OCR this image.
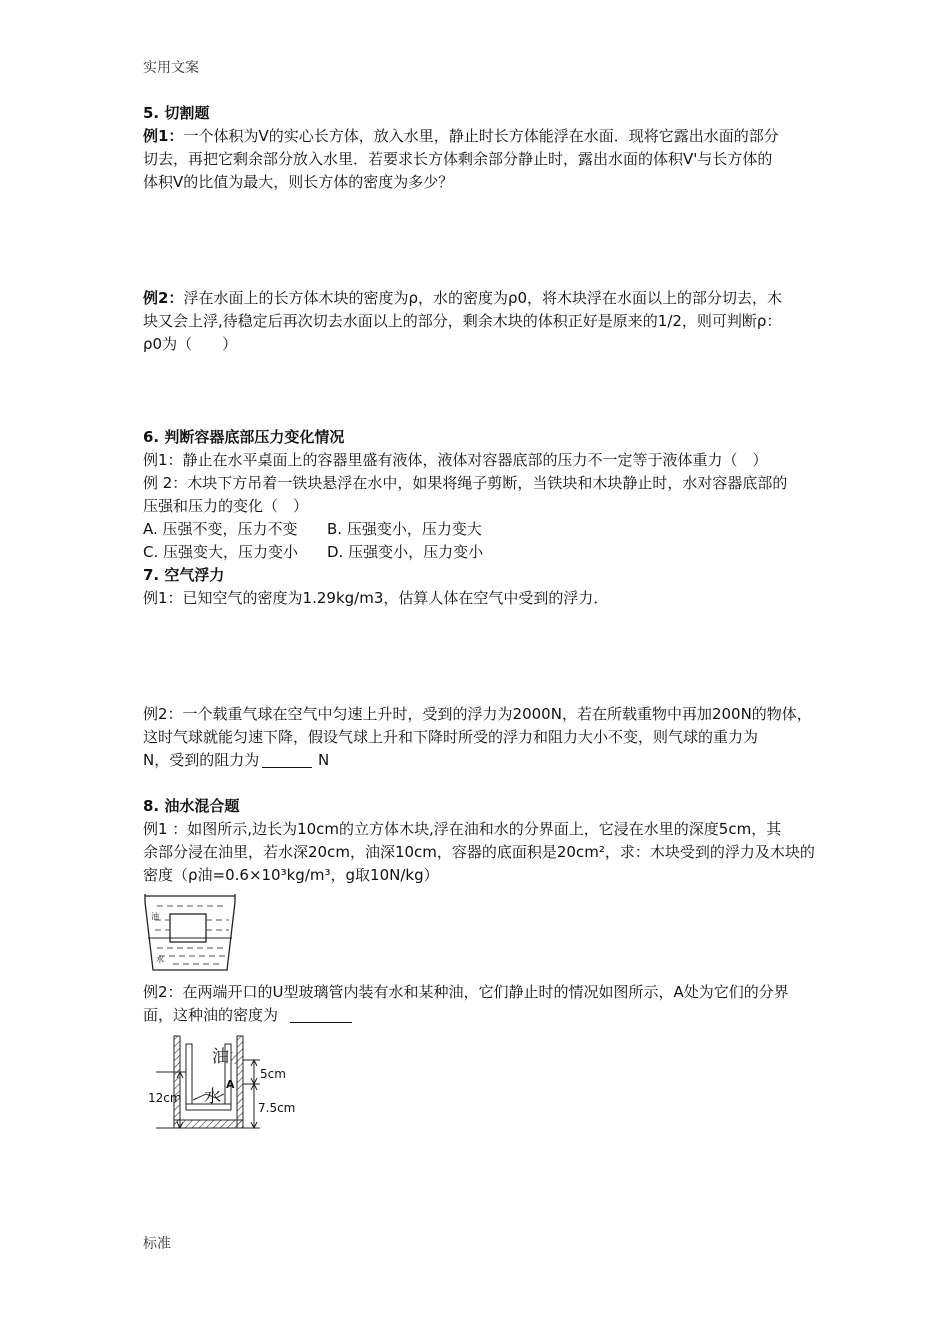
实用文案
5. 切割题
例1：一个体积为V的实心长方体，放入水里，静止时长方体能浮在水面．现将它露出水面的部分
切去，再把它剩余部分放入水里．若要求长方体剩余部分静止时，露出水面的体积V'与长方体的
体积V的比值为最大，则长方体的密度为多少？
例2：浮在水面上的长方体木块的密度为ρ，水的密度为ρ0，将木块浮在水面以上的部分切去，木
块又会上浮,待稳定后再次切去水面以上的部分，剩余木块的体积正好是原来的1/2，则可判断ρ：
ρ0为（　　）
6. 判断容器底部压力变化情况
例1：静止在水平桌面上的容器里盛有液体，液体对容器底部的压力不一定等于液体重力（　）
例 2：木块下方吊着一铁块悬浮在水中，如果将绳子剪断，当铁块和木块静止时，水对容器底部的
压强和压力的变化（　）
A. 压强不变，压力不变 B. 压强变小，压力变大
C. 压强变大，压力变小 D. 压强变小，压力变小
7. 空气浮力
例1：已知空气的密度为1.29kg/m3，估算人体在空气中受到的浮力．
例2：一个载重气球在空气中匀速上升时，受到的浮力为2000N，若在所载重物中再加200N的物体，
这时气球就能匀速下降，假设气球上升和下降时所受的浮力和阻力大小不变，则气球的重力为
N，受到的阻力为	N
8. 油水混合题
例1 ：如图所示,边长为10cm的立方体木块,浮在油和水的分界面上，它浸在水里的深度5cm，其
余部分浸在油里，若水深20cm，油深10cm，容器的底面积是20cm²，求：木块受到的浮力及木块的
密度（ρ油=0.6×10³kg/m³，g取10N/kg）
油
水
例2：在两端开口的U型玻璃管内装有水和某种油，它们静止时的情况如图所示，A处为它们的分界
面，这种油的密度为
油
水
A
5cm
12cm
7.5cm
标准
